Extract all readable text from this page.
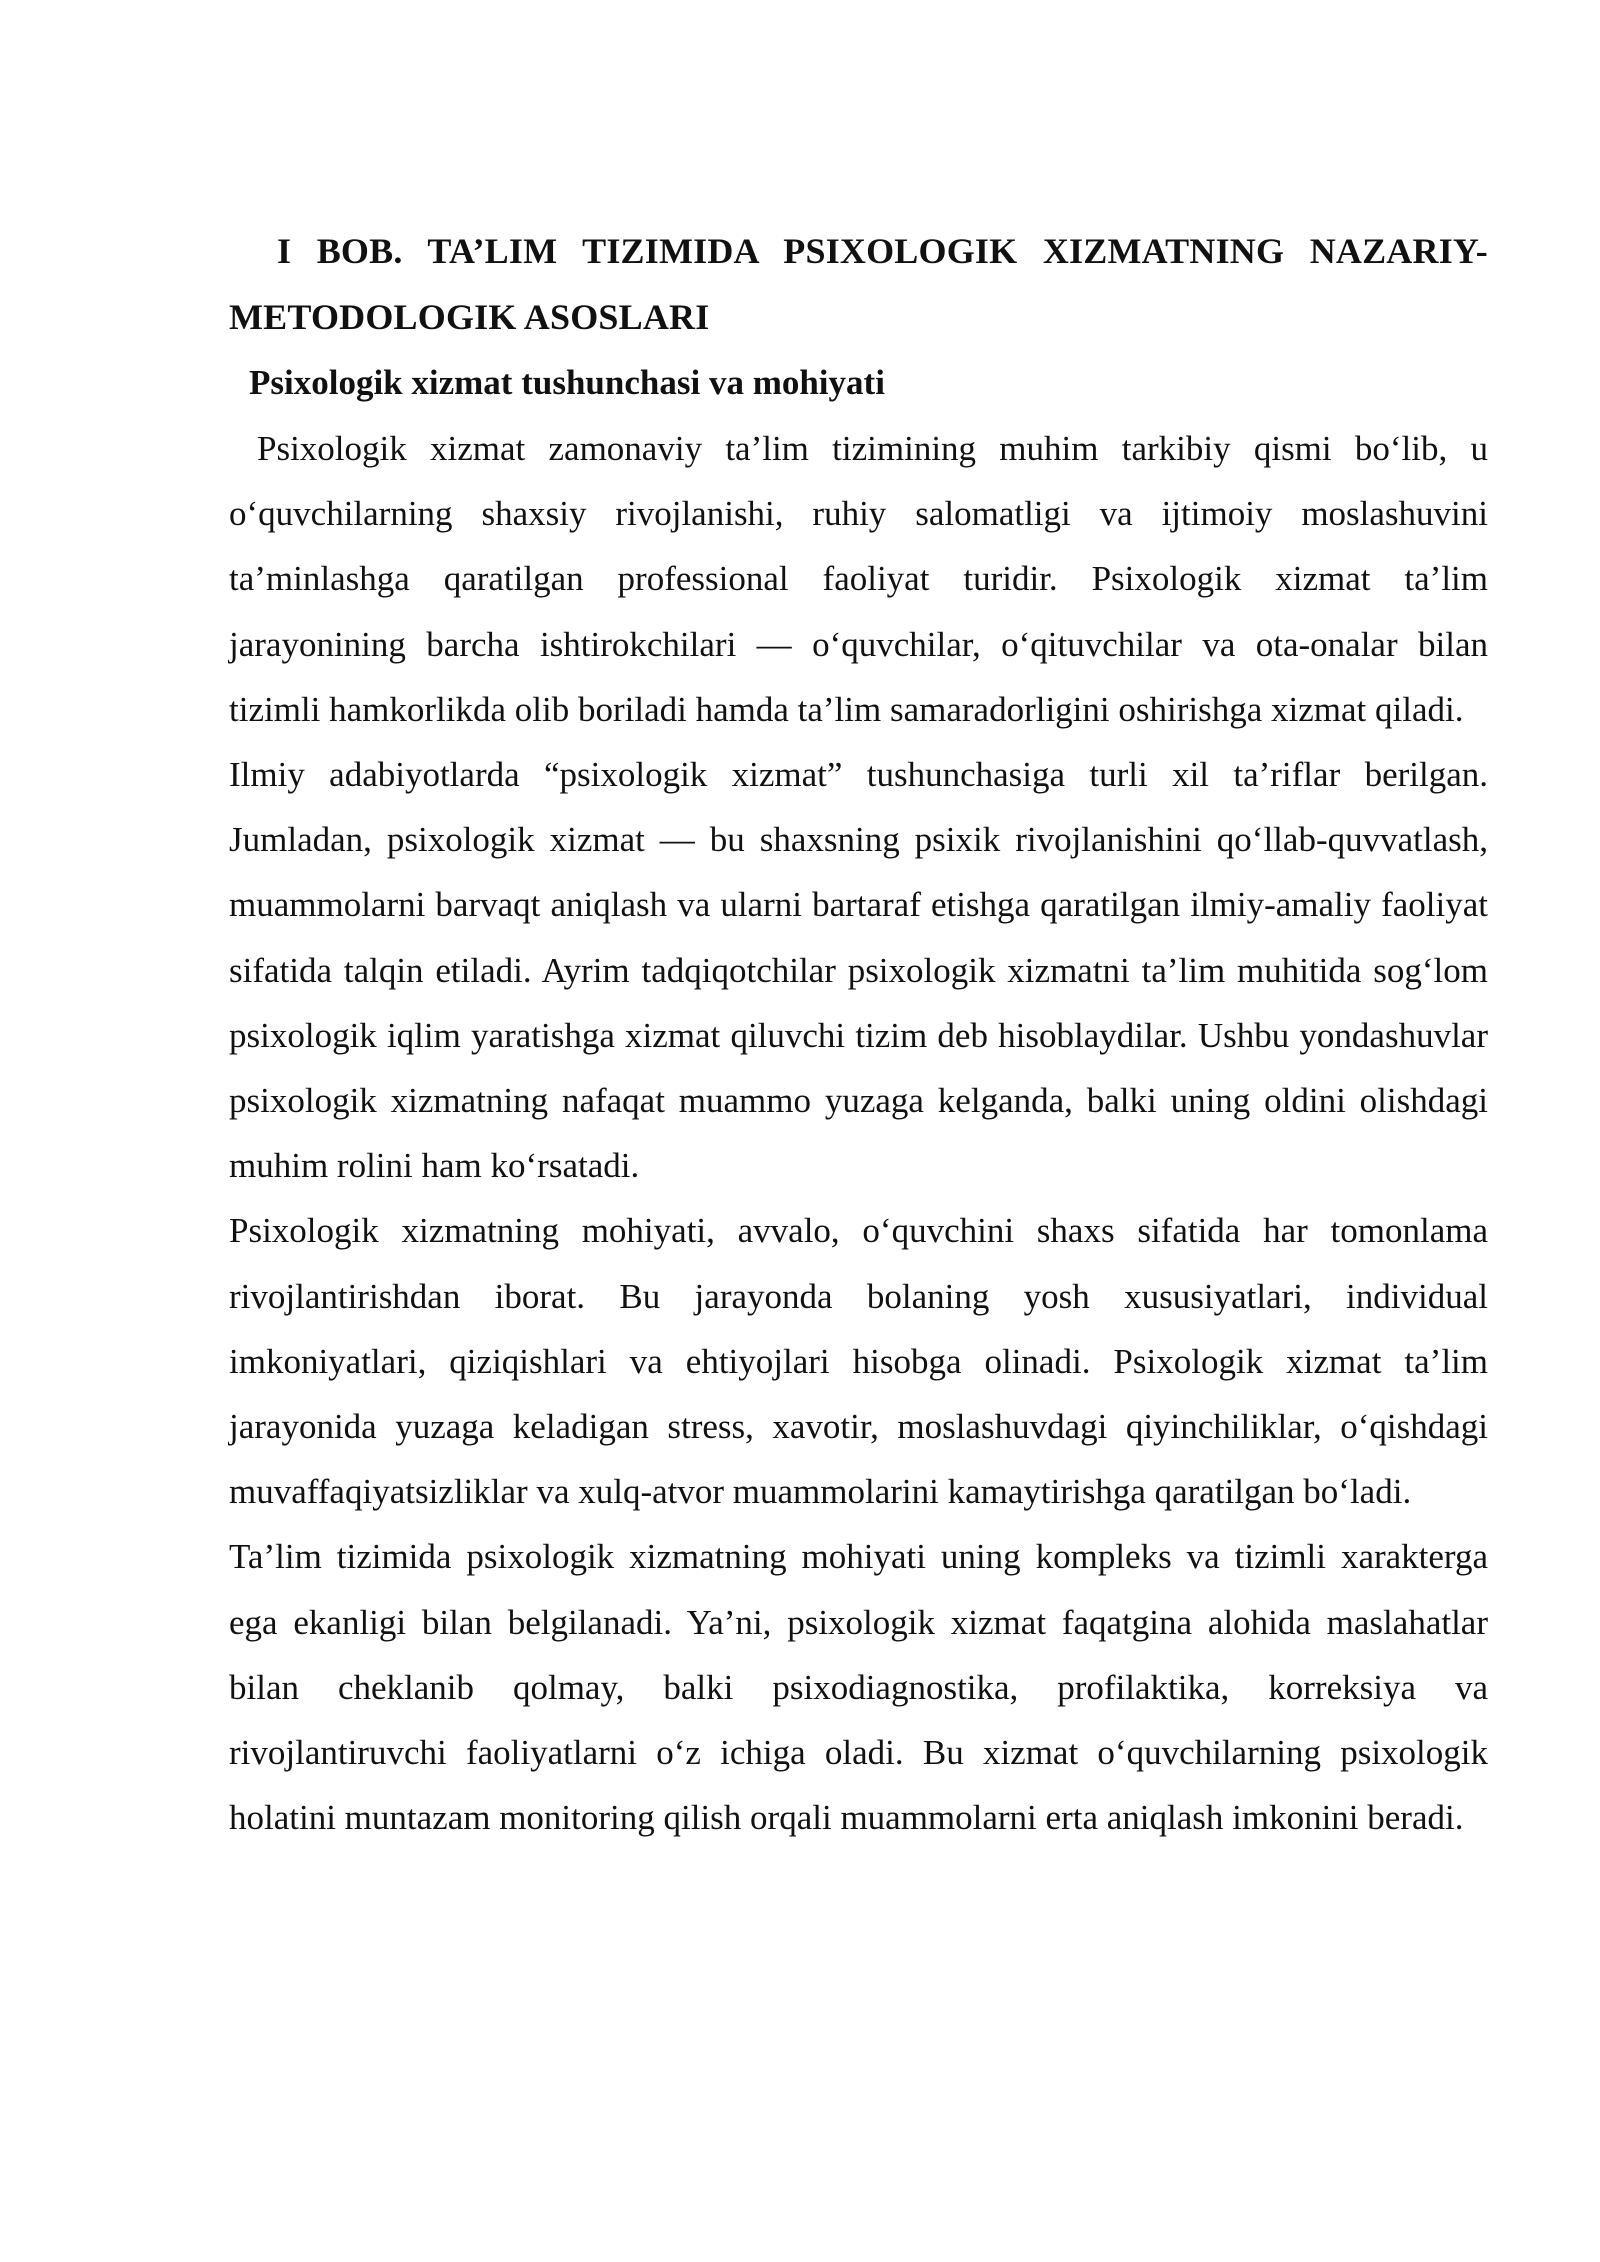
I BOB. TA’LIM TIZIMIDA PSIXOLOGIK XIZMATNING NAZARIY-METODOLOGIK ASOSLARI
Psixologik xizmat tushunchasi va mohiyati

Psixologik xizmat zamonaviy ta’lim tizimining muhim tarkibiy qismi bo‘lib, u o‘quvchilarning shaxsiy rivojlanishi, ruhiy salomatligi va ijtimoiy moslashuvini ta’minlashga qaratilgan professional faoliyat turidir. Psixologik xizmat ta’lim jarayonining barcha ishtirokchilari — o‘quvchilar, o‘qituvchilar va ota-onalar bilan tizimli hamkorlikda olib boriladi hamda ta’lim samaradorligini oshirishga xizmat qiladi.

Ilmiy adabiyotlarda “psixologik xizmat” tushunchasiga turli xil ta’riflar berilgan. Jumladan, psixologik xizmat — bu shaxsning psixik rivojlanishini qo‘llab-quvvatlash, muammolarni barvaqt aniqlash va ularni bartaraf etishga qaratilgan ilmiy-amaliy faoliyat sifatida talqin etiladi. Ayrim tadqiqotchilar psixologik xizmatni ta’lim muhitida sog‘lom psixologik iqlim yaratishga xizmat qiluvchi tizim deb hisoblaydilar. Ushbu yondashuvlar psixologik xizmatning nafaqat muammo yuzaga kelganda, balki uning oldini olishdagi muhim rolini ham ko‘rsatadi.

Psixologik xizmatning mohiyati, avvalo, o‘quvchini shaxs sifatida har tomonlama rivojlantirishdan iborat. Bu jarayonda bolaning yosh xususiyatlari, individual imkoniyatlari, qiziqishlari va ehtiyojlari hisobga olinadi. Psixologik xizmat ta’lim jarayonida yuzaga keladigan stress, xavotir, moslashuvdagi qiyinchiliklar, o‘qishdagi muvaffaqiyatsizliklar va xulq-atvor muammolarini kamaytirishga qaratilgan bo‘ladi.

Ta’lim tizimida psixologik xizmatning mohiyati uning kompleks va tizimli xarakterga ega ekanligi bilan belgilanadi. Ya’ni, psixologik xizmat faqatgina alohida maslahatlar bilan cheklanib qolmay, balki psixodiagnostika, profilaktika, korreksiya va rivojlantiruvchi faoliyatlarni o‘z ichiga oladi. Bu xizmat o‘quvchilarning psixologik holatini muntazam monitoring qilish orqali muammolarni erta aniqlash imkonini beradi.
